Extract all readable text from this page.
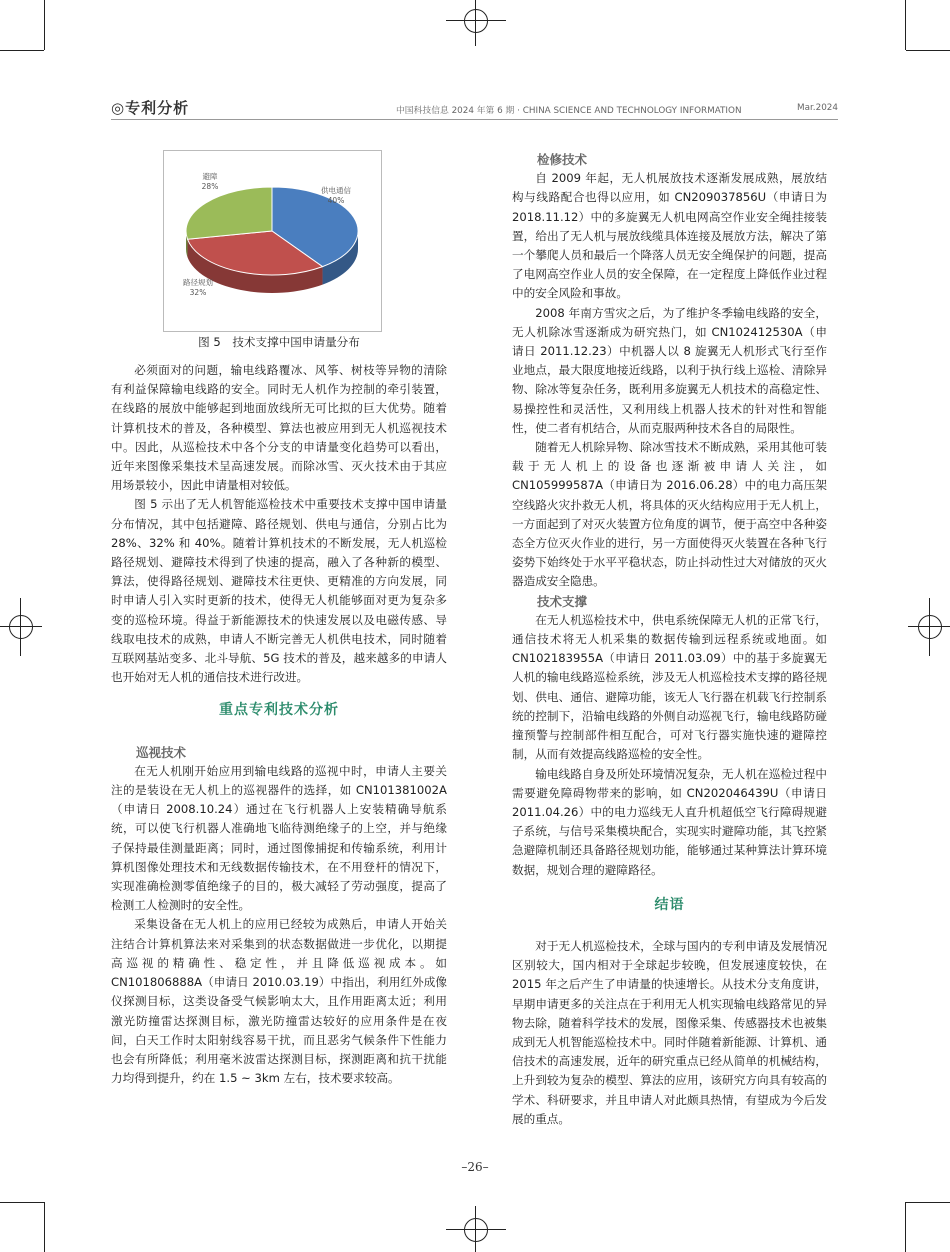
◎专利分析	中国科技信息 2024 年第 6 期 · CHINA SCIENCE AND TECHNOLOGY INFORMATION	Mar.2024
供电通信
40%
路径规划
32%
避障
28%
图 5　技术支撑中国申请量分布

必须面对的问题，输电线路覆冰、风筝、树枝等异物的清除有利益保障输电线路的安全。同时无人机作为控制的牵引装置，在线路的展放中能够起到地面放线所无可比拟的巨大优势。随着计算机技术的普及，各种模型、算法也被应用到无人机巡视技术中。因此，从巡检技术中各个分支的申请量变化趋势可以看出，近年来图像采集技术呈高速发展。而除冰雪、灭火技术由于其应用场景较小，因此申请量相对较低。

图 5 示出了无人机智能巡检技术中重要技术支撑中国申请量分布情况，其中包括避障、路径规划、供电与通信，分别占比为 28%、32% 和 40%。随着计算机技术的不断发展，无人机巡检路径规划、避障技术得到了快速的提高，融入了各种新的模型、算法，使得路径规划、避障技术往更快、更精准的方向发展，同时申请人引入实时更新的技术，使得无人机能够面对更为复杂多变的巡检环境。得益于新能源技术的快速发展以及电磁传感、导线取电技术的成熟，申请人不断完善无人机供电技术，同时随着互联网基站变多、北斗导航、5G 技术的普及，越来越多的申请人也开始对无人机的通信技术进行改进。

重点专利技术分析
巡视技术

在无人机刚开始应用到输电线路的巡视中时，申请人主要关注的是装设在无人机上的巡视器件的选择，如 CN101381002A（申请日 2008.10.24）通过在飞行机器人上安装精确导航系统，可以使飞行机器人准确地飞临待测绝缘子的上空，并与绝缘子保持最佳测量距离；同时，通过图像捕捉和传输系统，利用计算机图像处理技术和无线数据传输技术，在不用登杆的情况下，实现准确检测零值绝缘子的目的，极大减轻了劳动强度，提高了检测工人检测时的安全性。

采集设备在无人机上的应用已经较为成熟后，申请人开始关注结合计算机算法来对采集到的状态数据做进一步优化，以期提高巡视的精确性、稳定性，并且降低巡视成本。如 CN101806888A（申请日 2010.03.19）中指出，利用红外成像仪探测目标，这类设备受气候影响太大，且作用距离太近；利用激光防撞雷达探测目标，激光防撞雷达较好的应用条件是在夜间，白天工作时太阳射线容易干扰，而且恶劣气候条件下性能力也会有所降低；利用毫米波雷达探测目标，探测距离和抗干扰能力均得到提升，约在 1.5 ~ 3km 左右，技术要求较高。

检修技术

自 2009 年起，无人机展放技术逐渐发展成熟，展放结构与线路配合也得以应用，如 CN209037856U（申请日为 2018.11.12）中的多旋翼无人机电网高空作业安全绳挂接装置，给出了无人机与展放线缆具体连接及展放方法，解决了第一个攀爬人员和最后一个降落人员无安全绳保护的问题，提高了电网高空作业人员的安全保障，在一定程度上降低作业过程中的安全风险和事故。

2008 年南方雪灾之后，为了维护冬季输电线路的安全，无人机除冰雪逐渐成为研究热门，如 CN102412530A（申请日 2011.12.23）中机器人以 8 旋翼无人机形式飞行至作业地点，最大限度地接近线路，以利于执行线上巡检、清除异物、除冰等复杂任务，既利用多旋翼无人机技术的高稳定性、易操控性和灵活性，又利用线上机器人技术的针对性和智能性，使二者有机结合，从而克服两种技术各自的局限性。

随着无人机除异物、除冰雪技术不断成熟，采用其他可装载于无人机上的设备也逐渐被申请人关注，如 CN105999587A（申请日为 2016.06.28）中的电力高压架空线路火灾扑救无人机，将具体的灭火结构应用于无人机上，一方面起到了对灭火装置方位角度的调节，便于高空中各种姿态全方位灭火作业的进行，另一方面使得灭火装置在各种飞行姿势下始终处于水平平稳状态，防止抖动性过大对储放的灭火器造成安全隐患。

技术支撑

在无人机巡检技术中，供电系统保障无人机的正常飞行，通信技术将无人机采集的数据传输到远程系统或地面。如 CN102183955A（申请日 2011.03.09）中的基于多旋翼无人机的输电线路巡检系统，涉及无人机巡检技术支撑的路径规划、供电、通信、避障功能，该无人飞行器在机载飞行控制系统的控制下，沿输电线路的外侧自动巡视飞行，输电线路防碰撞预警与控制部件相互配合，可对飞行器实施快速的避障控制，从而有效提高线路巡检的安全性。

输电线路自身及所处环境情况复杂，无人机在巡检过程中需要避免障碍物带来的影响，如 CN202046439U（申请日 2011.04.26）中的电力巡线无人直升机超低空飞行障碍规避子系统，与信号采集模块配合，实现实时避障功能，其飞控紧急避障机制还具备路径规划功能，能够通过某种算法计算环境数据，规划合理的避障路径。

结语

对于无人机巡检技术，全球与国内的专利申请及发展情况区别较大，国内相对于全球起步较晚，但发展速度较快，在 2015 年之后产生了申请量的快速增长。从技术分支角度讲，早期申请更多的关注点在于利用无人机实现输电线路常见的异物去除，随着科学技术的发展，图像采集、传感器技术也被集成到无人机智能巡检技术中。同时伴随着新能源、计算机、通信技术的高速发展，近年的研究重点已经从简单的机械结构，上升到较为复杂的模型、算法的应用，该研究方向具有较高的学术、科研要求，并且申请人对此颇具热情，有望成为今后发展的重点。

–26–
